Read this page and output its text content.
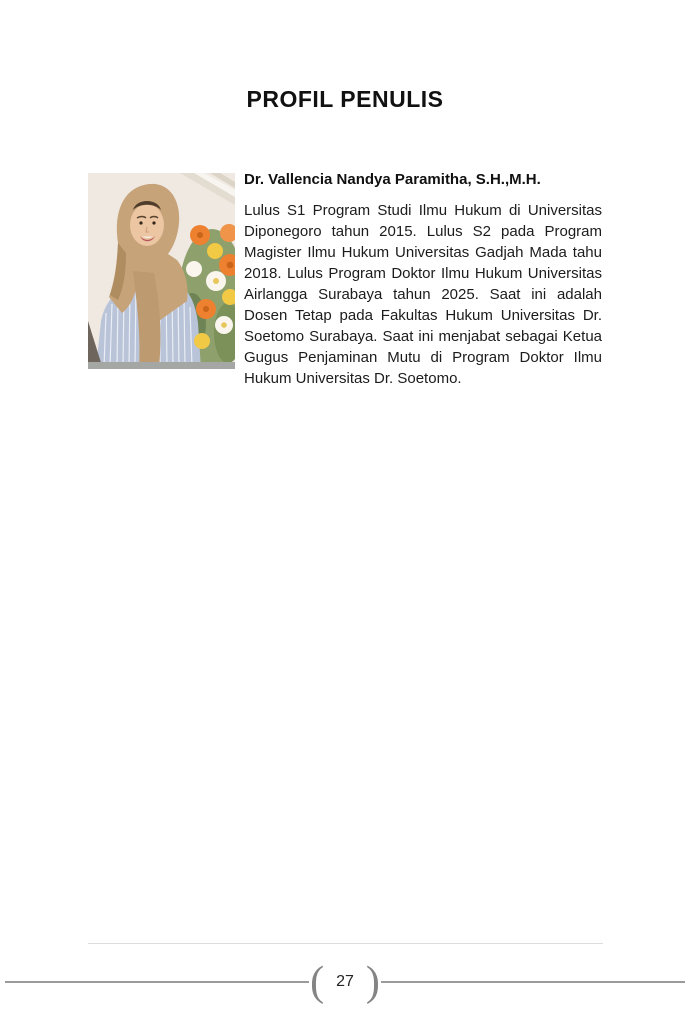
PROFIL PENULIS

Dr. Vallencia Nandya Paramitha, S.H.,M.H.

Lulus S1 Program Studi Ilmu Hukum di Universitas Diponegoro tahun 2015. Lulus S2 pada Program Magister Ilmu Hukum Universitas Gadjah Mada tahu 2018. Lulus Program Doktor Ilmu Hukum Universitas Airlangga Surabaya tahun 2025. Saat ini adalah Dosen Tetap pada Fakultas Hukum Universitas Dr. Soetomo Surabaya. Saat ini menjabat sebagai Ketua Gugus Penjaminan Mutu di Program Doktor Ilmu Hukum Universitas Dr. Soetomo.

( 27 )
